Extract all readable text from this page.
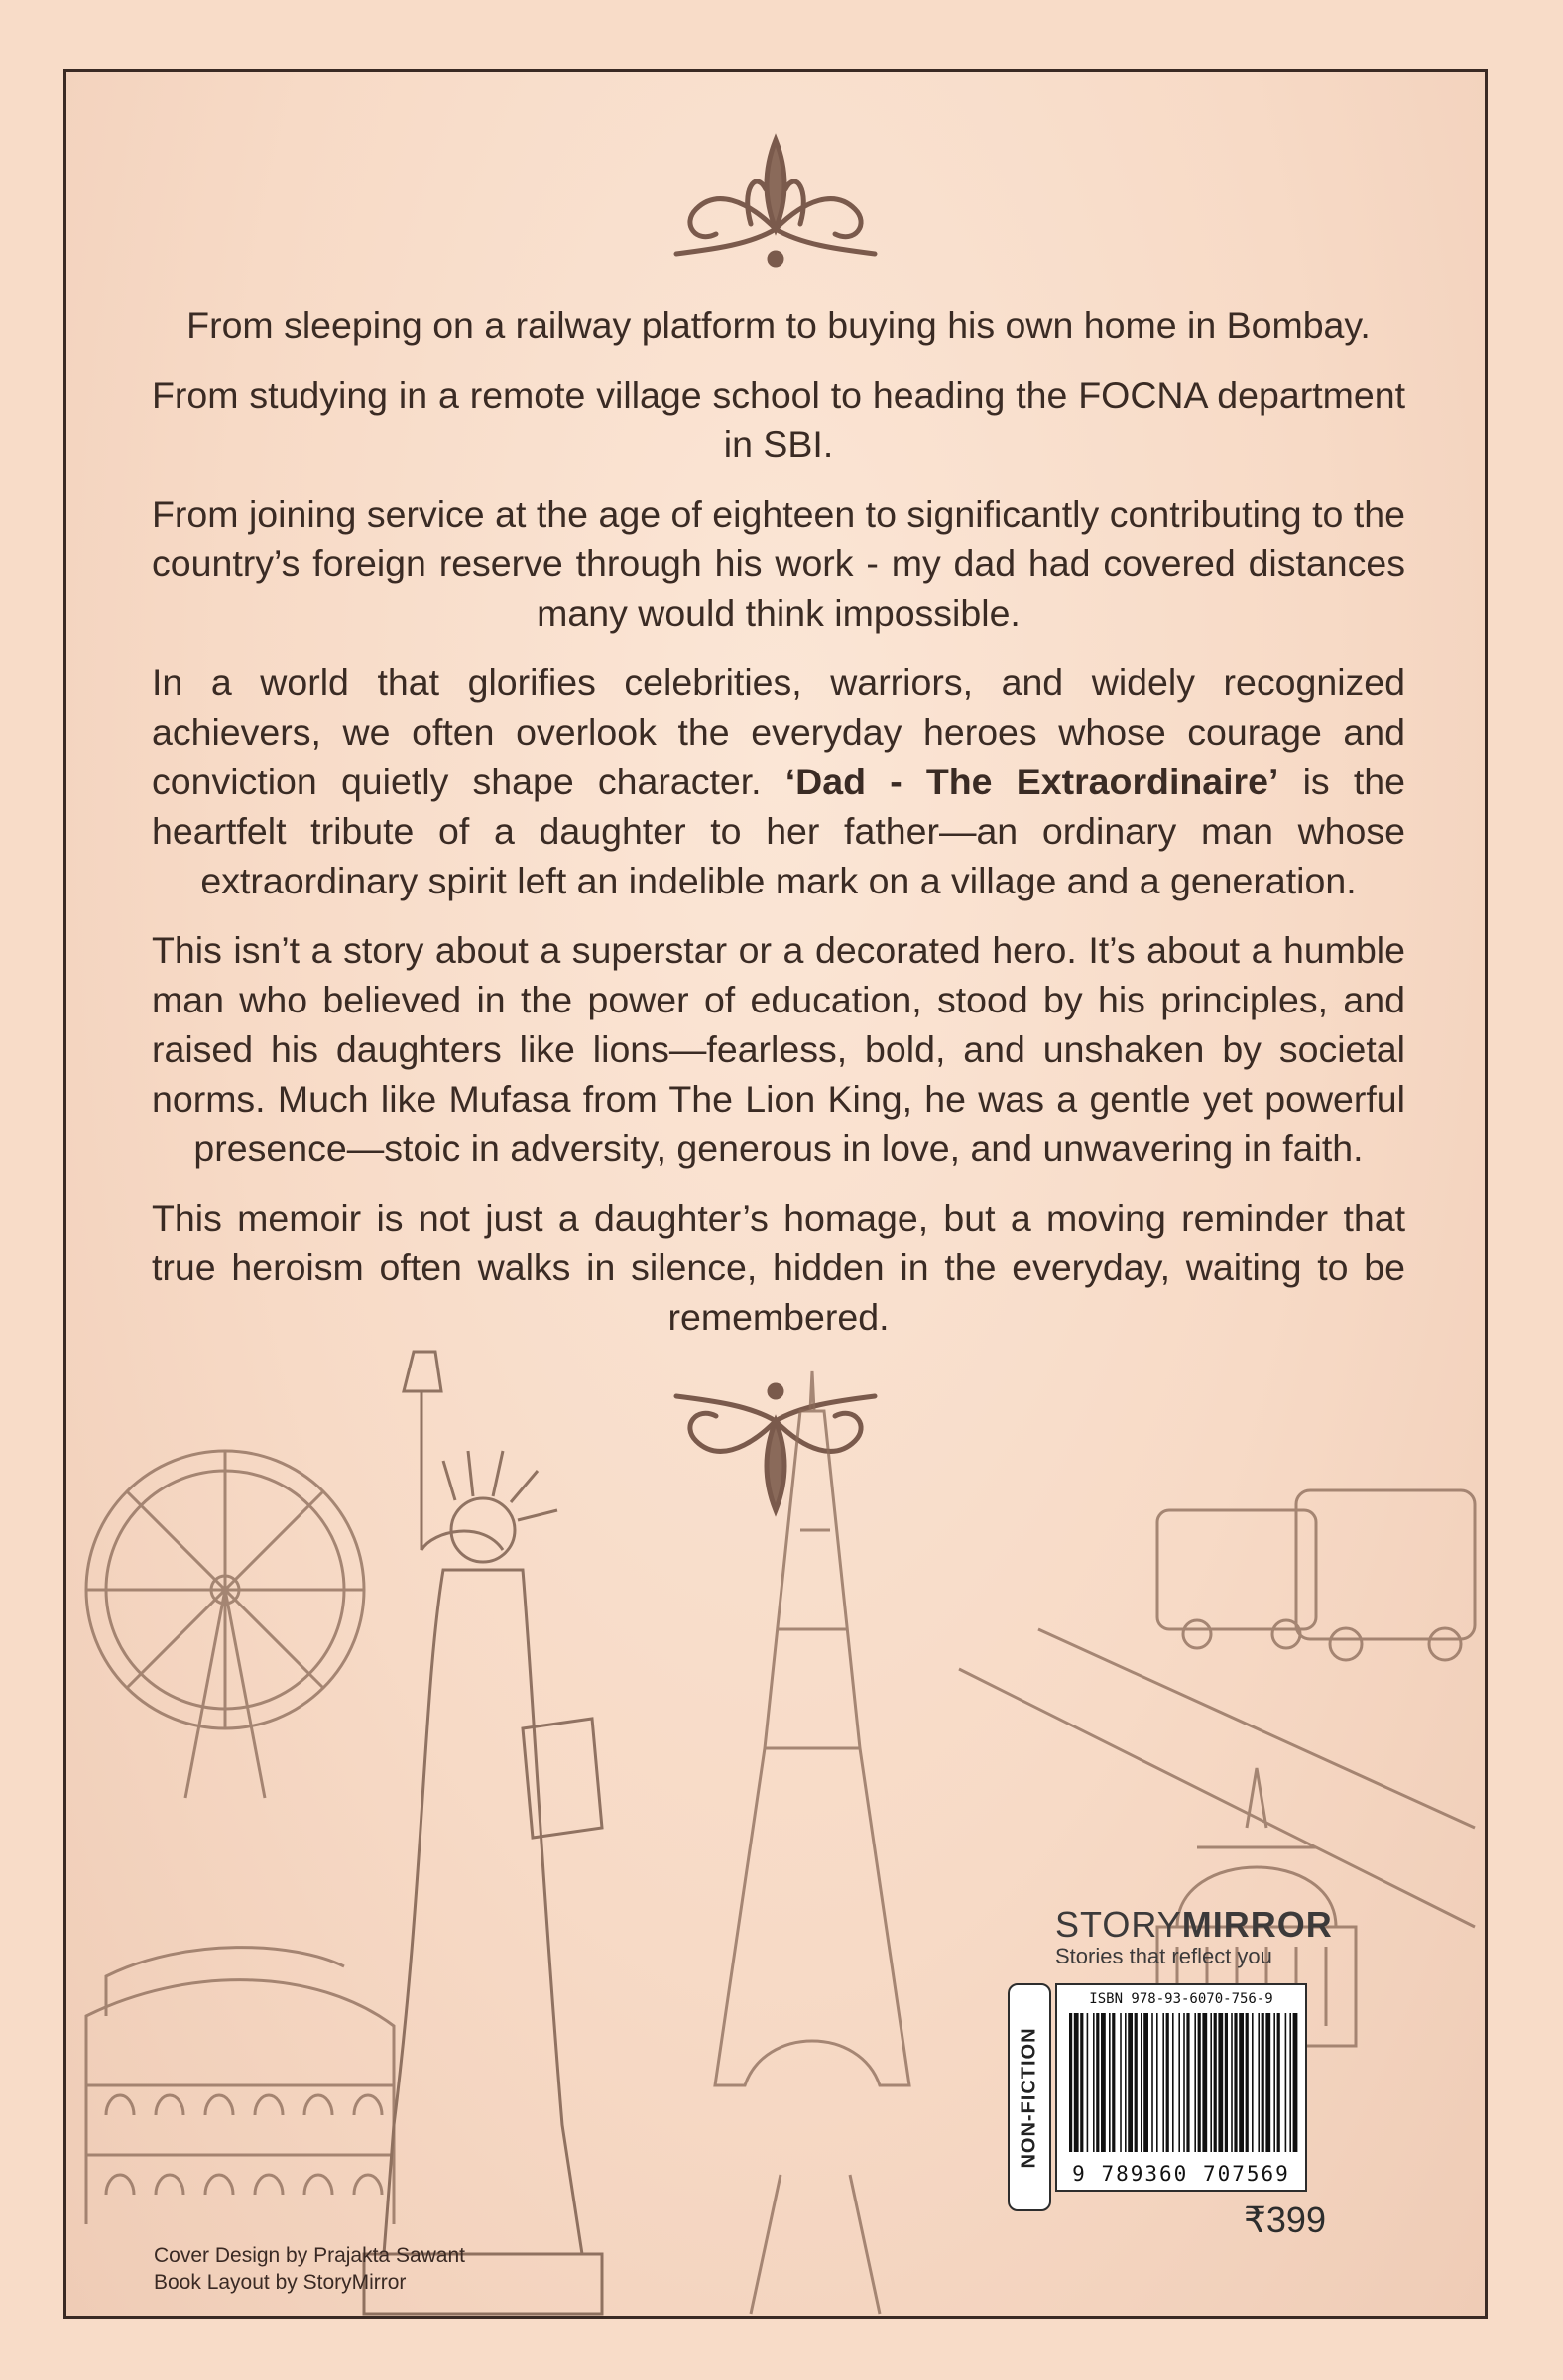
From sleeping on a railway platform to buying his own home in Bombay.

From studying in a remote village school to heading the FOCNA department in SBI.

From joining service at the age of eighteen to significantly contributing to the country’s foreign reserve through his work - my dad had covered distances many would think impossible.

In a world that glorifies celebrities, warriors, and widely recognized achievers, we often overlook the everyday heroes whose courage and conviction quietly shape character. ‘Dad - The Extraordinaire’ is the heartfelt tribute of a daughter to her father—an ordinary man whose extraordinary spirit left an indelible mark on a village and a generation.

This isn’t a story about a superstar or a decorated hero. It’s about a humble man who believed in the power of education, stood by his principles, and raised his daughters like lions—fearless, bold, and unshaken by societal norms. Much like Mufasa from The Lion King, he was a gentle yet powerful presence—stoic in adversity, generous in love, and unwavering in faith.

This memoir is not just a daughter’s homage, but a moving reminder that true heroism often walks in silence, hidden in the everyday, waiting to be remembered.

Cover Design by Prajakta Sawant
Book Layout by StoryMirror
STORYMIRROR
Stories that reflect you
NON-FICTION
ISBN 978-93-6070-756-9
9 789360 707569
₹399
